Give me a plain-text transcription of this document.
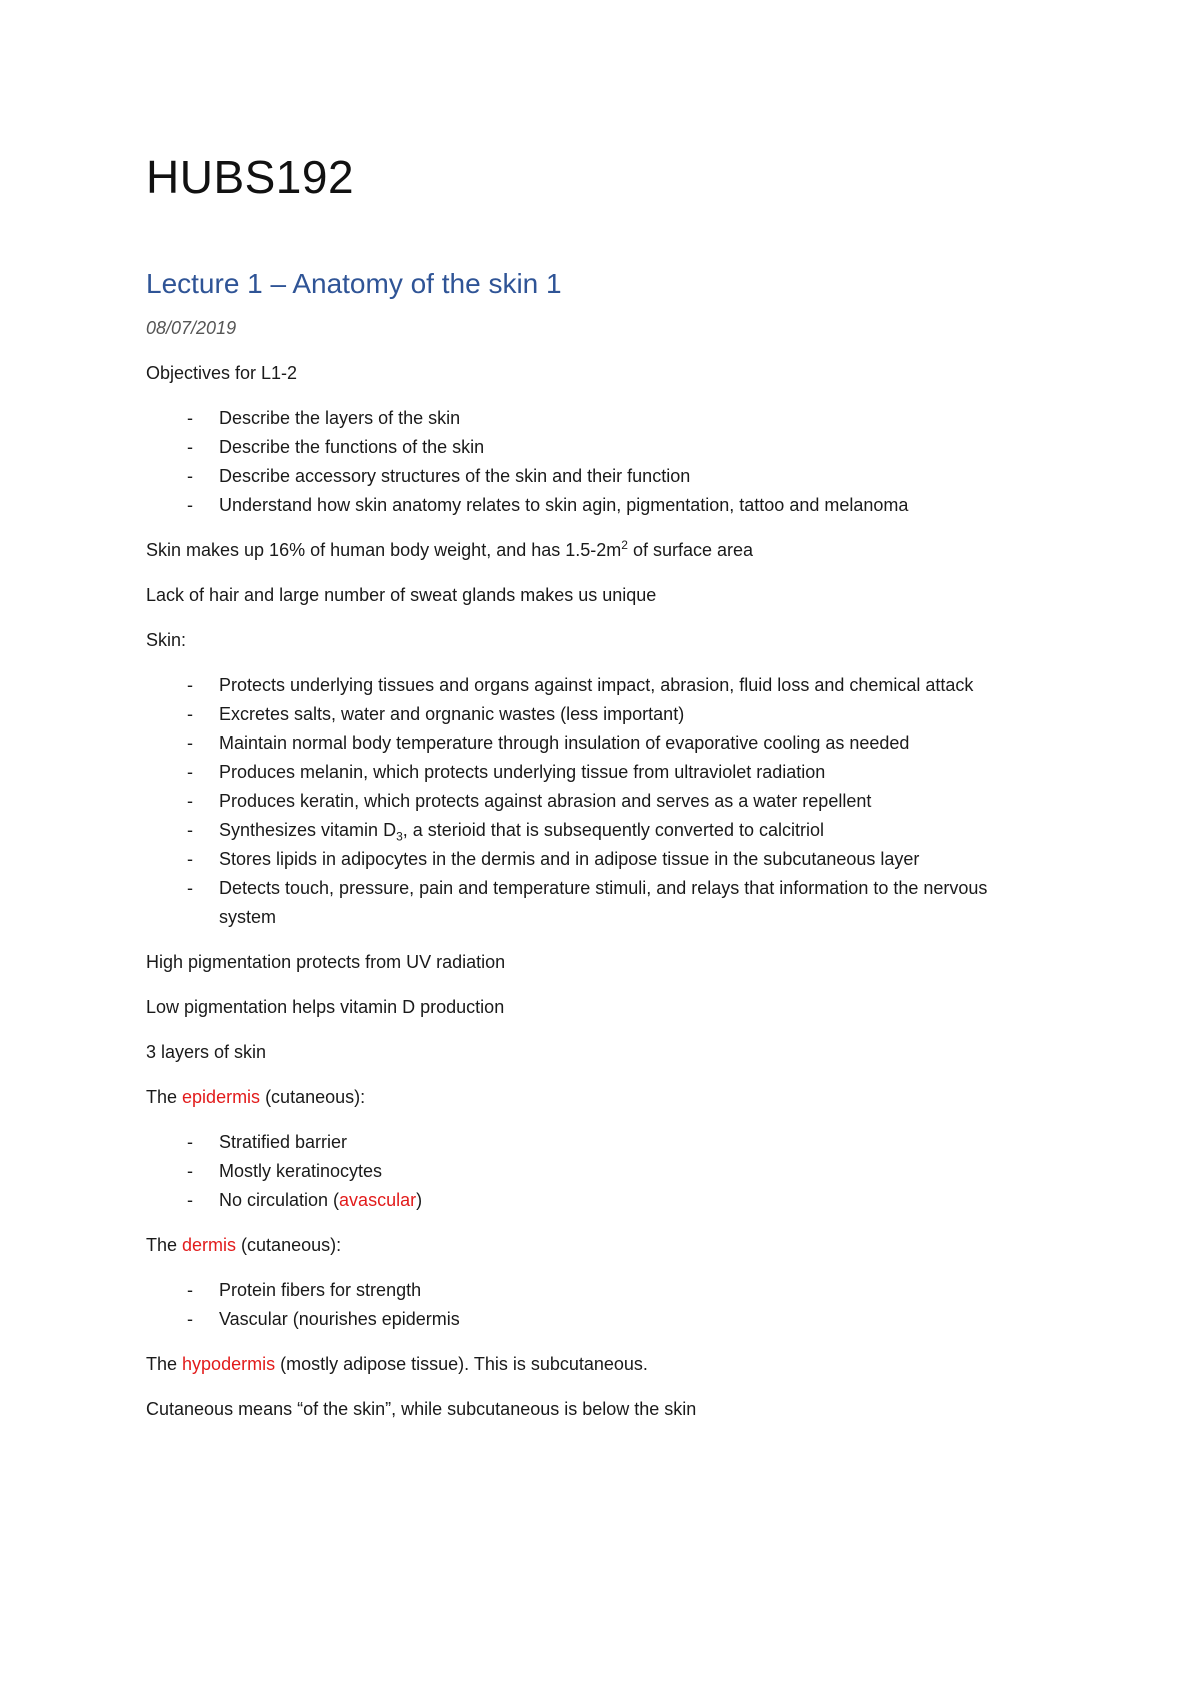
HUBS192
Lecture 1 – Anatomy of the skin 1

08/07/2019

Objectives for L1-2

- Describe the layers of the skin
- Describe the functions of the skin
- Describe accessory structures of the skin and their function
- Understand how skin anatomy relates to skin agin, pigmentation, tattoo and melanoma

Skin makes up 16% of human body weight, and has $1.5-2m^2$ of surface area

Lack of hair and large number of sweat glands makes us unique

Skin:

- Protects underlying tissues and organs against impact, abrasion, fluid loss and chemical attack
- Excretes salts, water and orgnanic wastes (less important)
- Maintain normal body temperature through insulation of evaporative cooling as needed
- Produces melanin, which protects underlying tissue from ultraviolet radiation
- Produces keratin, which protects against abrasion and serves as a water repellent
- Synthesizes vitamin $D_3$, a sterioid that is subsequently converted to calcitriol
- Stores lipids in adipocytes in the dermis and in adipose tissue in the subcutaneous layer
- Detects touch, pressure, pain and temperature stimuli, and relays that information to the nervous system

High pigmentation protects from UV radiation

Low pigmentation helps vitamin D production

3 layers of skin

The epidermis (cutaneous):

- Stratified barrier
- Mostly keratinocytes
- No circulation (avascular)

The dermis (cutaneous):

- Protein fibers for strength
- Vascular (nourishes epidermis

The hypodermis (mostly adipose tissue). This is subcutaneous.

Cutaneous means “of the skin”, while subcutaneous is below the skin
